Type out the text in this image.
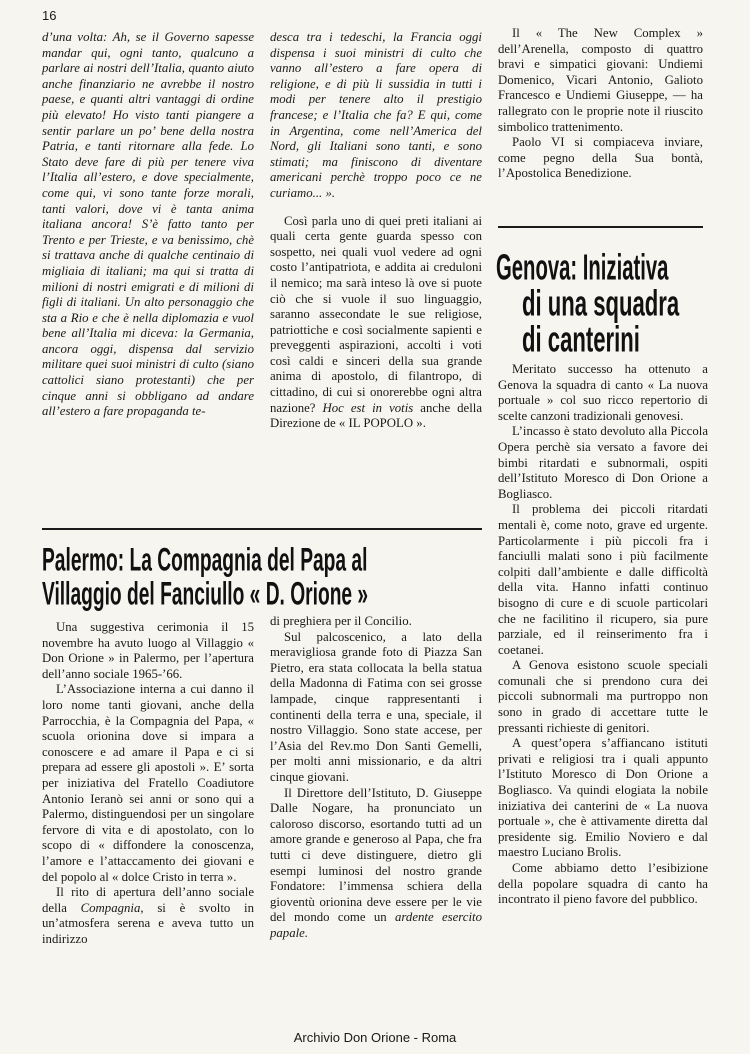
16

d’una volta: Ah, se il Governo sapesse mandar qui, ogni tanto, qualcuno a parlare ai nostri dell’Italia, quanto aiuto anche finanziario ne avrebbe il nostro paese, e quanti altri vantaggi di ordine più elevato! Ho visto tanti piangere a sentir parlare un po’ bene della nostra Patria, e tanti ritornare alla fede. Lo Stato deve fare di più per tenere viva l’Italia all’estero, e dove specialmente, come qui, vi sono tante forze morali, tanti valori, dove vi è tanta anima italiana ancora! S’è fatto tanto per Trento e per Trieste, e va benissimo, chè si trattava anche di qualche centinaio di migliaia di italiani; ma qui si tratta di milioni di nostri emigrati e di milioni di figli di italiani. Un alto personaggio che sta a Rio e che è nella diplomazia e vuol bene all’Italia mi diceva: la Germania, ancora oggi, dispensa dal servizio militare quei suoi ministri di culto (siano cattolici siano protestanti) che per cinque anni si obbligano ad andare all’estero a fare propaganda te-

desca tra i tedeschi, la Francia oggi dispensa i suoi ministri di culto che vanno all’estero a fare opera di religione, e di più li sussidia in tutti i modi per tenere alto il prestigio francese; e l’Italia che fa? E qui, come in Argentina, come nell’America del Nord, gli Italiani sono tanti, e sono stimati; ma finiscono di diventare americani perchè troppo poco ce ne curiamo... ».

Così parla uno di quei preti italiani ai quali certa gente guarda spesso con sospetto, nei quali vuol vedere ad ogni costo l’antipatriota, e addita ai creduloni il nemico; ma sarà inteso là ove si puote ciò che si vuole il suo linguaggio, saranno assecondate le sue religiose, patriottiche e così socialmente sapienti e preveggenti aspirazioni, accolti i voti così caldi e sinceri della sua grande anima di apostolo, di filantropo, di cittadino, di cui si onorerebbe ogni altra nazione? Hoc est in votis anche della Direzione de « IL POPOLO ».

Il « The New Complex » dell’Arenella, composto di quattro bravi e simpatici giovani: Undiemi Domenico, Vicari Antonio, Galioto Francesco e Undiemi Giuseppe, — ha rallegrato con le proprie note il riuscito simbolico trattenimento.

Paolo VI si compiaceva inviare, come pegno della Sua bontà, l’Apostolica Benedizione.

Genova: Iniziativa
di una squadra
di canterini

Meritato successo ha ottenuto a Genova la squadra di canto « La nuova portuale » col suo ricco repertorio di scelte canzoni tradizionali genovesi.

L’incasso è stato devoluto alla Piccola Opera perchè sia versato a favore dei bimbi ritardati e subnormali, ospiti dell’Istituto Moresco di Don Orione a Bogliasco.

Il problema dei piccoli ritardati mentali è, come noto, grave ed urgente. Particolarmente i più piccoli fra i fanciulli malati sono i più facilmente colpiti dall’ambiente e dalle difficoltà della vita. Hanno infatti continuo bisogno di cure e di scuole particolari che ne facilitino il ricupero, sia pure parziale, ed il reinserimento fra i coetanei.

A Genova esistono scuole speciali comunali che si prendono cura dei piccoli subnormali ma purtroppo non sono in grado di accettare tutte le pressanti richieste di genitori.

A quest’opera s’affiancano istituti privati e religiosi tra i quali appunto l’Istituto Moresco di Don Orione a Bogliasco. Va quindi elogiata la nobile iniziativa dei canterini de « La nuova portuale », che è attivamente diretta dal presidente sig. Emilio Noviero e dal maestro Luciano Brolis.

Come abbiamo detto l’esibizione della popolare squadra di canto ha incontrato il pieno favore del pubblico.

Palermo: La Compagnia del Papa al
Villaggio del Fanciullo « D. Orione »

Una suggestiva cerimonia il 15 novembre ha avuto luogo al Villaggio « Don Orione » in Palermo, per l’apertura dell’anno sociale 1965-’66.

L’Associazione interna a cui danno il loro nome tanti giovani, anche della Parrocchia, è la Compagnia del Papa, « scuola orionina dove si impara a conoscere e ad amare il Papa e ci si prepara ad essere gli apostoli ». E’ sorta per iniziativa del Fratello Coadiutore Antonio Ieranò sei anni or sono qui a Palermo, distinguendosi per un singolare fervore di vita e di apostolato, con lo scopo di « diffondere la conoscenza, l’amore e l’attaccamento dei giovani e del popolo al « dolce Cristo in terra ».

Il rito di apertura dell’anno sociale della Compagnia, si è svolto in un’atmosfera serena e aveva tutto un indirizzo

di preghiera per il Concilio.

Sul palcoscenico, a lato della meravigliosa grande foto di Piazza San Pietro, era stata collocata la bella statua della Madonna di Fatima con sei grosse lampade, cinque rappresentanti i continenti della terra e una, speciale, il nostro Villaggio. Sono state accese, per l’Asia del Rev.mo Don Santi Gemelli, per molti anni missionario, e da altri cinque giovani.

Il Direttore dell’Istituto, D. Giuseppe Dalle Nogare, ha pronunciato un caloroso discorso, esortando tutti ad un amore grande e generoso al Papa, che fra tutti ci deve distinguere, dietro gli esempi luminosi del nostro grande Fondatore: l’immensa schiera della gioventù orionina deve essere per le vie del mondo come un ardente esercito papale.

Archivio Don Orione - Roma
